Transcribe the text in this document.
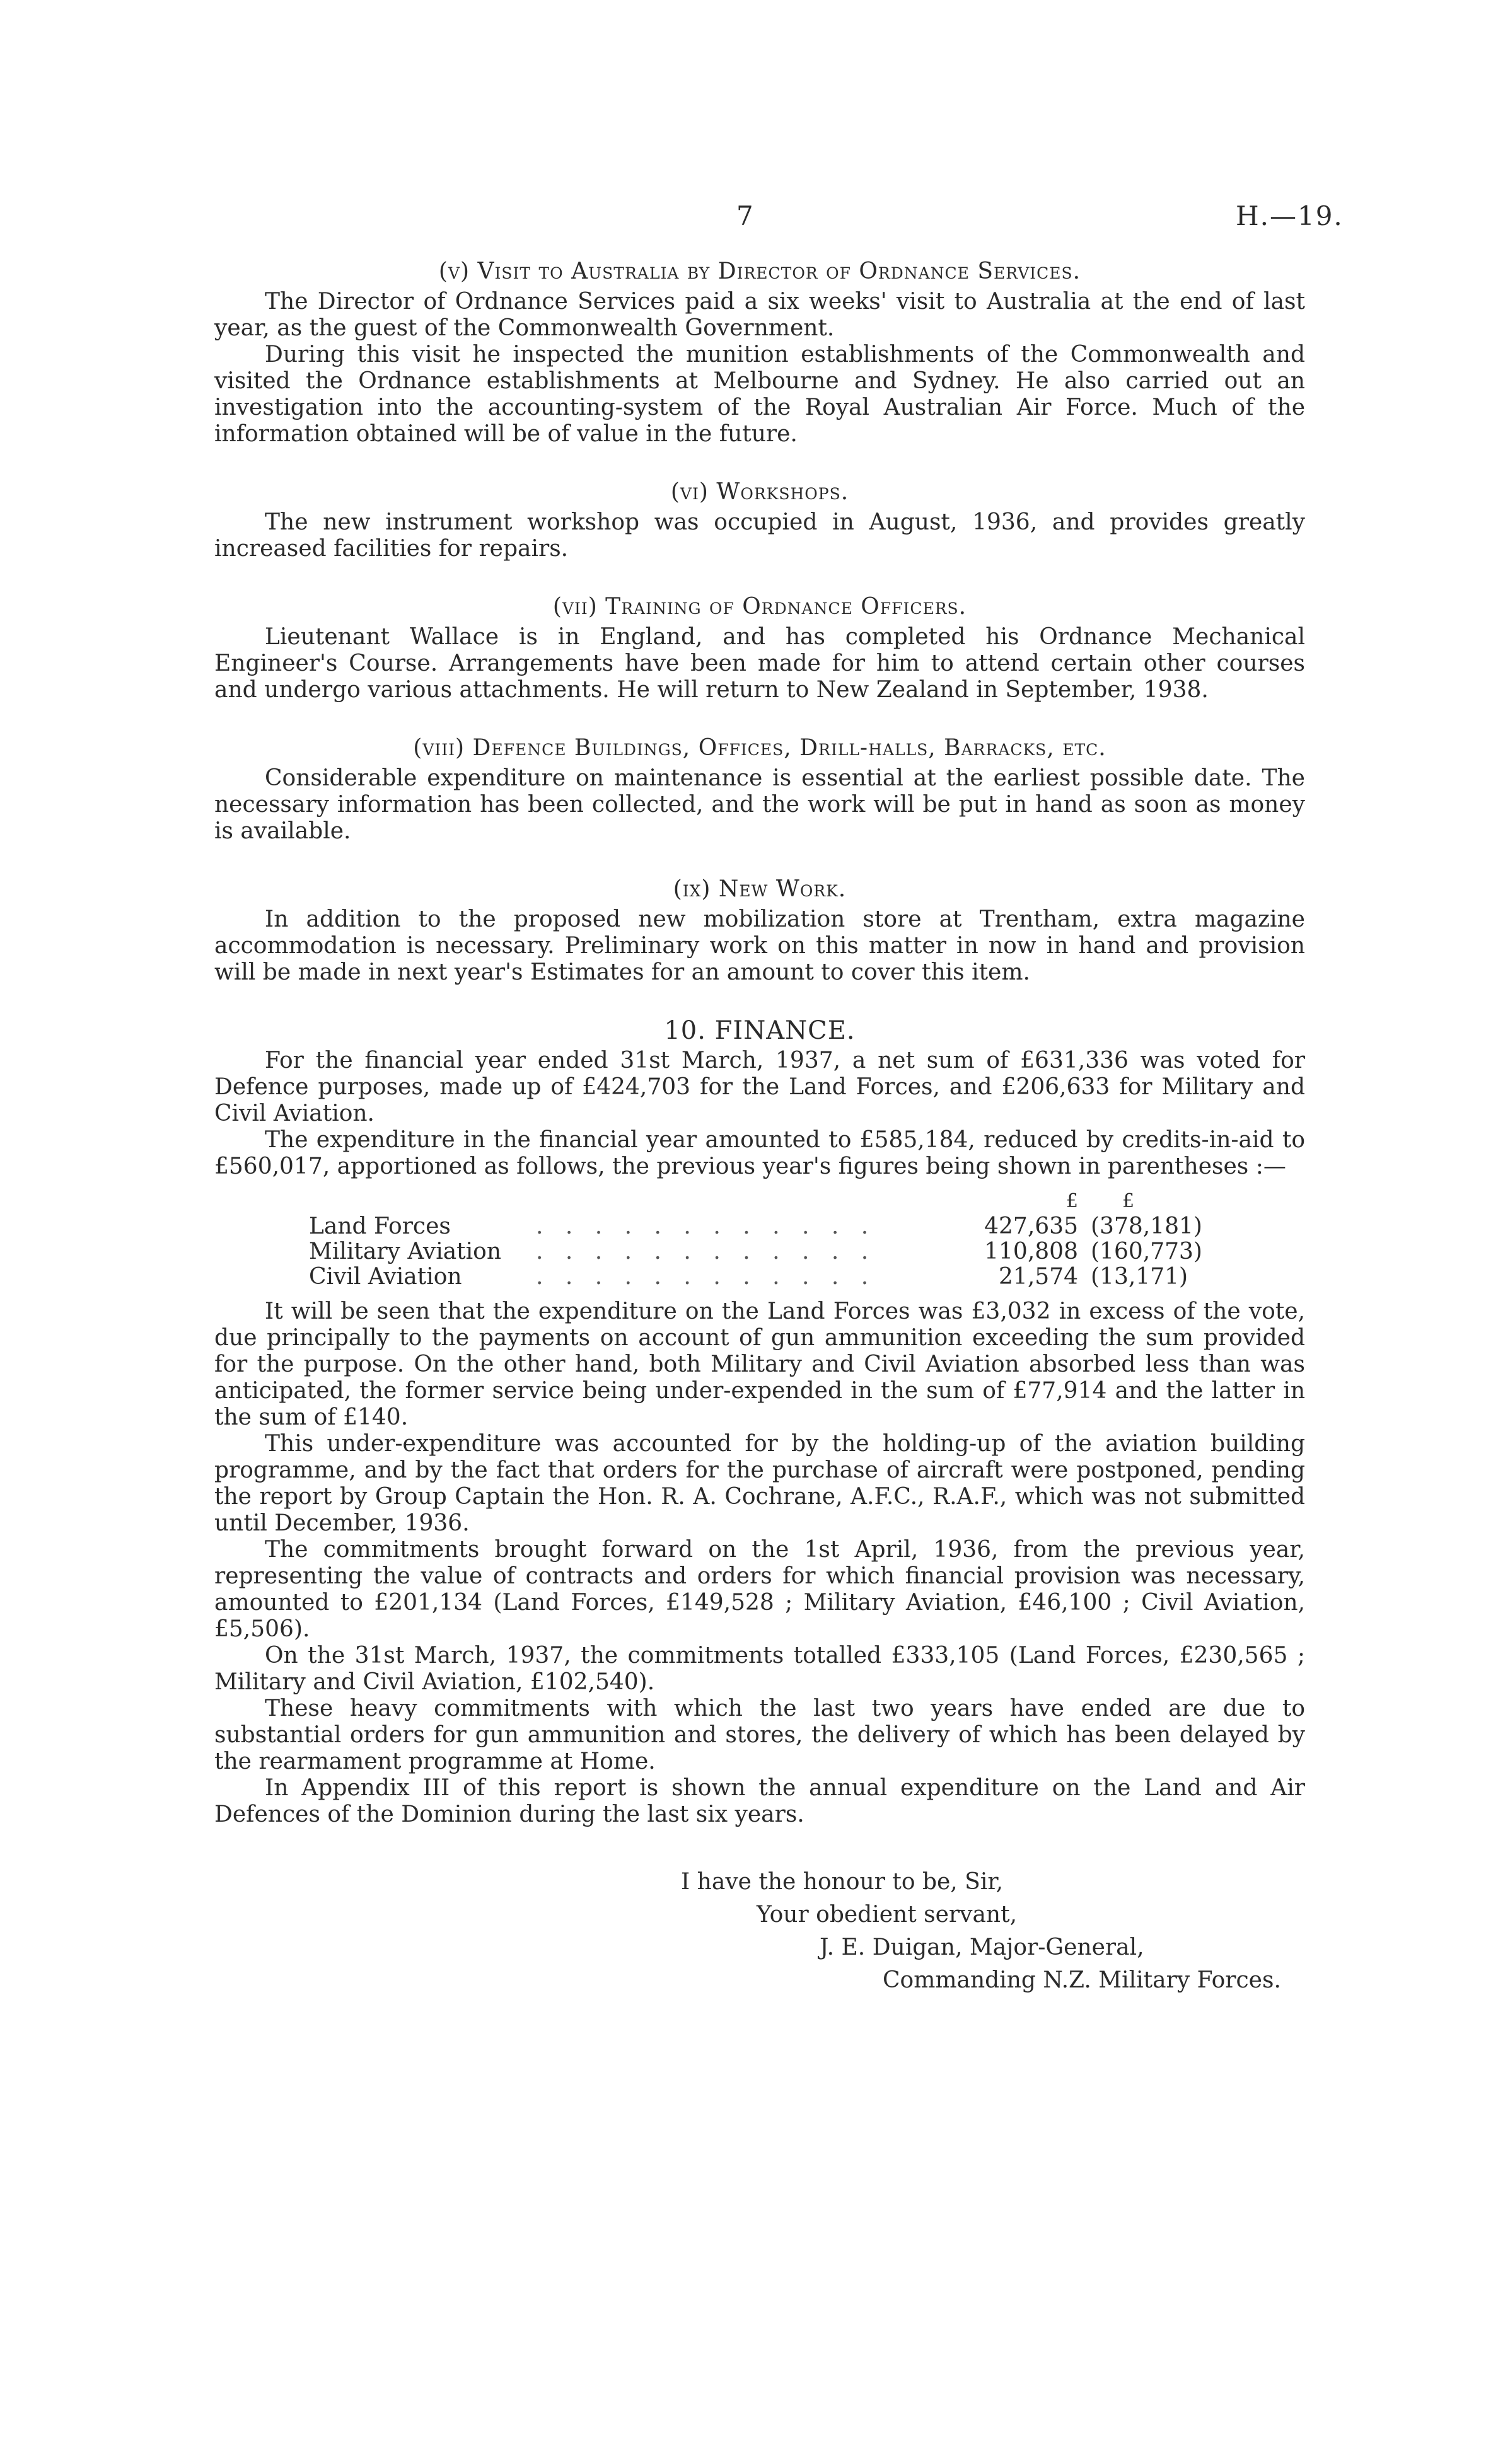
7	H.—19.
(v) Visit to Australia by Director of Ordnance Services.

The Director of Ordnance Services paid a six weeks' visit to Australia at the end of last year, as the guest of the Commonwealth Government.

During this visit he inspected the munition establishments of the Commonwealth and visited the Ordnance establishments at Melbourne and Sydney. He also carried out an investigation into the accounting-system of the Royal Australian Air Force. Much of the information obtained will be of value in the future.

(vi) Workshops.

The new instrument workshop was occupied in August, 1936, and provides greatly increased facilities for repairs.

(vii) Training of Ordnance Officers.

Lieutenant Wallace is in England, and has completed his Ordnance Mechanical Engineer's Course. Arrangements have been made for him to attend certain other courses and undergo various attachments. He will return to New Zealand in September, 1938.

(viii) Defence Buildings, Offices, Drill-halls, Barracks, etc.

Considerable expenditure on maintenance is essential at the earliest possible date. The necessary information has been collected, and the work will be put in hand as soon as money is available.

(ix) New Work.

In addition to the proposed new mobilization store at Trentham, extra magazine accommodation is necessary. Preliminary work on this matter in now in hand and provision will be made in next year's Estimates for an amount to cover this item.

10. FINANCE.

For the financial year ended 31st March, 1937, a net sum of £631,336 was voted for Defence purposes, made up of £424,703 for the Land Forces, and £206,633 for Military and Civil Aviation.

The expenditure in the financial year amounted to £585,184, reduced by credits-in-aid to £560,017, apportioned as follows, the previous year's figures being shown in parentheses :—

		£	£
Land Forces	. . . . . . . . . . . .	427,635	(378,181)
Military Aviation	. . . . . . . . . . . .	110,808	(160,773)
Civil Aviation	. . . . . . . . . . . .	21,574	(13,171)

It will be seen that the expenditure on the Land Forces was £3,032 in excess of the vote, due principally to the payments on account of gun ammunition exceeding the sum provided for the purpose. On the other hand, both Military and Civil Aviation absorbed less than was anticipated, the former service being under-expended in the sum of £77,914 and the latter in the sum of £140.

This under-expenditure was accounted for by the holding-up of the aviation building programme, and by the fact that orders for the purchase of aircraft were postponed, pending the report by Group Captain the Hon. R. A. Cochrane, A.F.C., R.A.F., which was not submitted until December, 1936.

The commitments brought forward on the 1st April, 1936, from the previous year, representing the value of contracts and orders for which financial provision was necessary, amounted to £201,134 (Land Forces, £149,528 ; Military Aviation, £46,100 ; Civil Aviation, £5,506).

On the 31st March, 1937, the commitments totalled £333,105 (Land Forces, £230,565 ; Military and Civil Aviation, £102,540).

These heavy commitments with which the last two years have ended are due to substantial orders for gun ammunition and stores, the delivery of which has been delayed by the rearmament programme at Home.

In Appendix III of this report is shown the annual expenditure on the Land and Air Defences of the Dominion during the last six years.

I have the honour to be, Sir,
Your obedient servant,
J. E. Duigan, Major-General,
Commanding N.Z. Military Forces.
